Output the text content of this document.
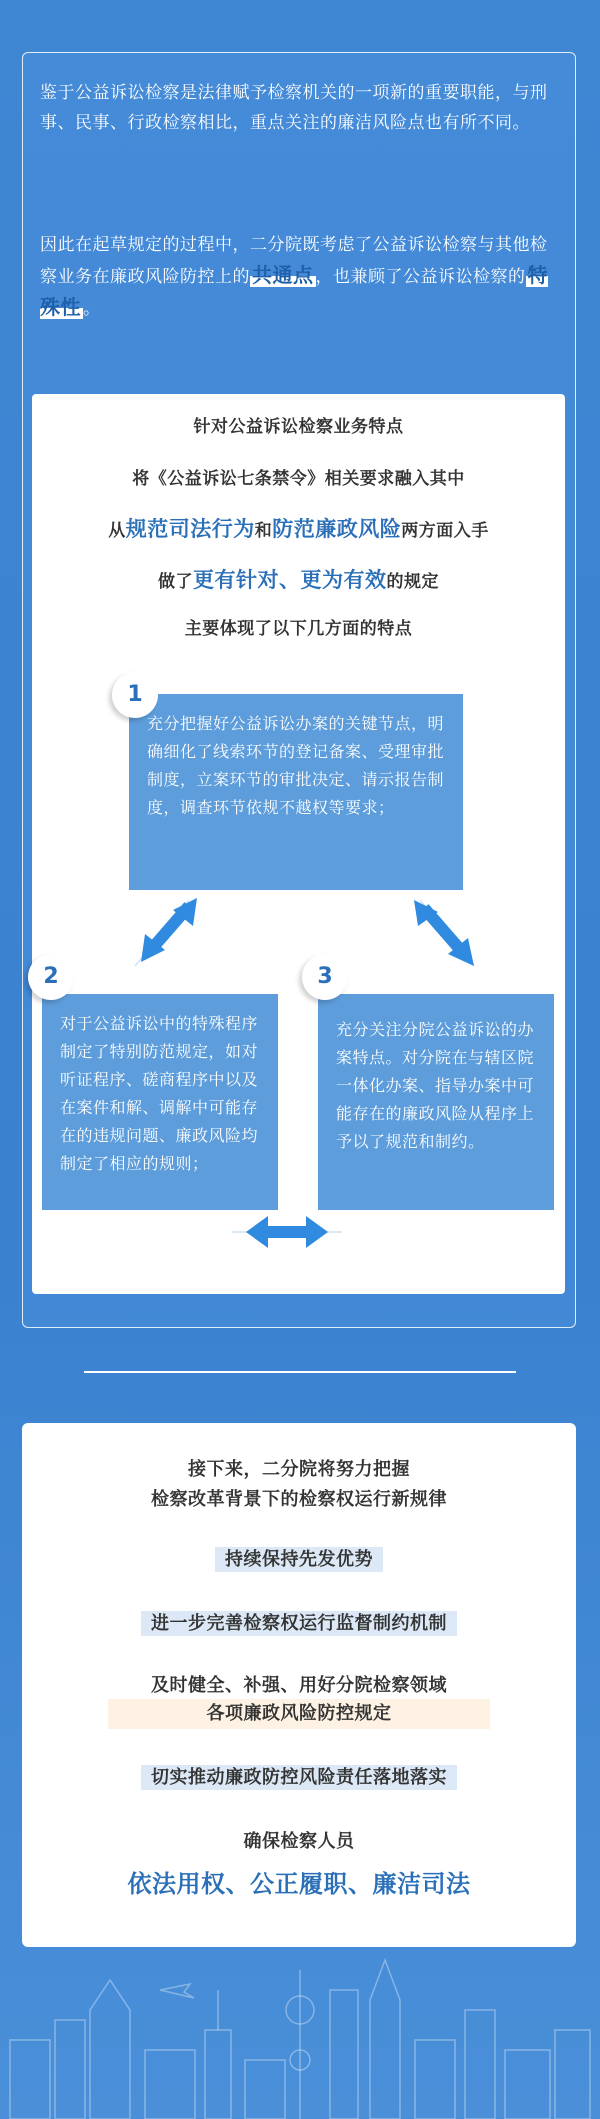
鉴于公益诉讼检察是法律赋予检察机关的一项新的重要职能，与刑事、民事、行政检察相比，重点关注的廉洁风险点也有所不同。

因此在起草规定的过程中，二分院既考虑了公益诉讼检察与其他检察业务在廉政风险防控上的 共通点 ，也兼顾了公益诉讼检察的 特殊性 。

针对公益诉讼检察业务特点
将《公益诉讼七条禁令》相关要求融入其中
从规范司法行为和防范廉政风险两方面入手
做了更有针对、更为有效的规定
主要体现了以下几方面的特点
充分把握好公益诉讼办案的关键节点，明确细化了线索环节的登记备案、受理审批制度，立案环节的审批决定、请示报告制度，调查环节依规不越权等要求；
1
对于公益诉讼中的特殊程序制定了特别防范规定，如对听证程序、磋商程序中以及在案件和解、调解中可能存在的违规问题、廉政风险均制定了相应的规则；
2
充分关注分院公益诉讼的办案特点。对分院在与辖区院一体化办案、指导办案中可能存在的廉政风险从程序上予以了规范和制约。
3
接下来，二分院将努力把握
检察改革背景下的检察权运行新规律
持续保持先发优势
进一步完善检察权运行监督制约机制
及时健全、补强、用好分院检察领域
各项廉政风险防控规定
切实推动廉政防控风险责任落地落实
确保检察人员
依法用权、公正履职、廉洁司法
